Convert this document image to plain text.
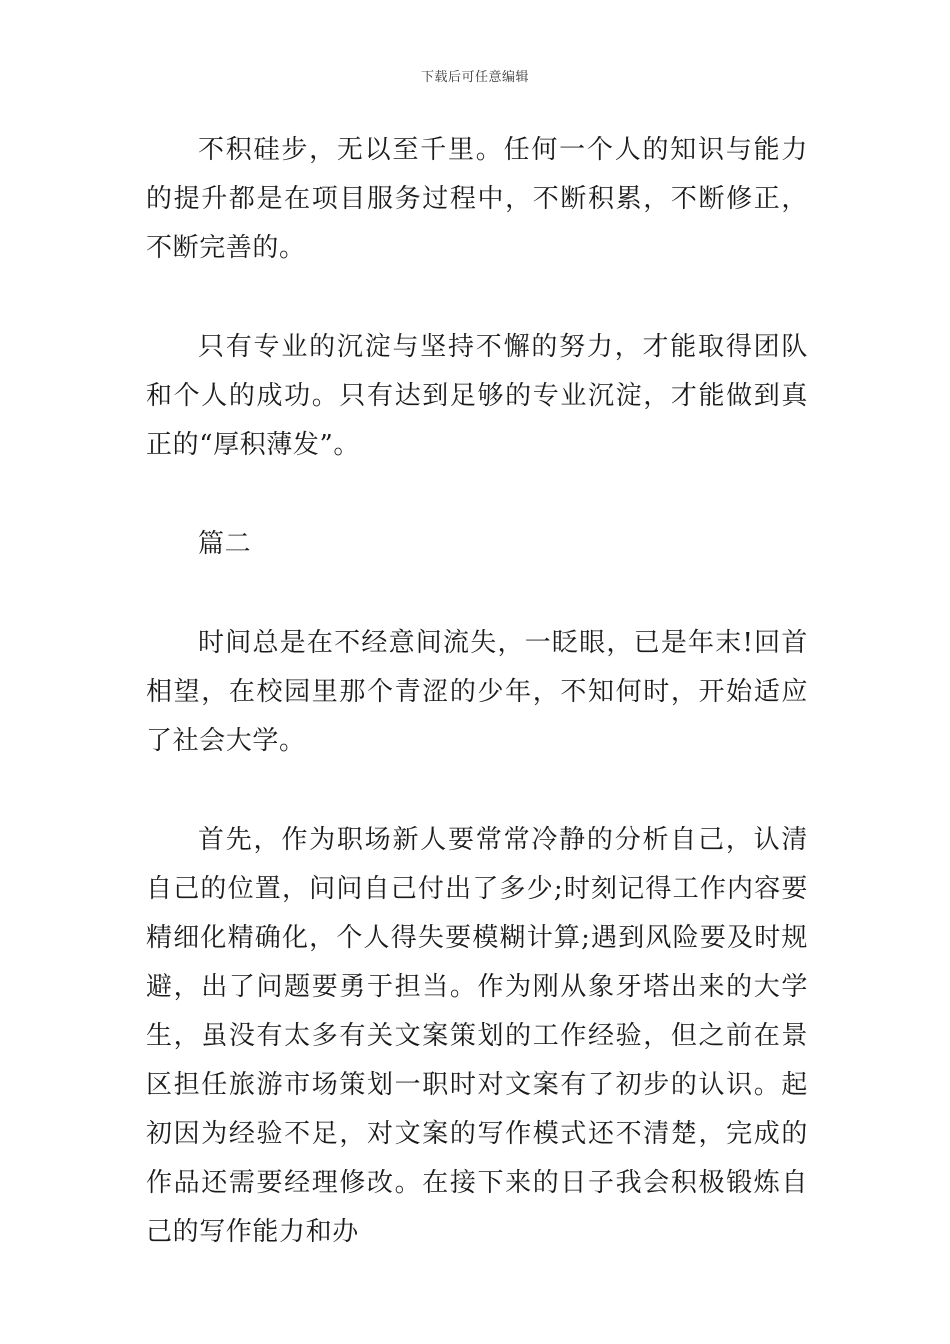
下载后可任意编辑

不积硅步，无以至千里。任何一个人的知识与能力的提升都是在项目服务过程中，不断积累，不断修正，不断完善的。

只有专业的沉淀与坚持不懈的努力，才能取得团队和个人的成功。只有达到足够的专业沉淀，才能做到真正的“厚积薄发”。

篇二

时间总是在不经意间流失，一眨眼，已是年末!回首相望，在校园里那个青涩的少年，不知何时，开始适应了社会大学。

首先，作为职场新人要常常冷静的分析自己，认清自己的位置，问问自己付出了多少;时刻记得工作内容要精细化精确化，个人得失要模糊计算;遇到风险要及时规避，出了问题要勇于担当。作为刚从象牙塔出来的大学生，虽没有太多有关文案策划的工作经验，但之前在景区担任旅游市场策划一职时对文案有了初步的认识。起初因为经验不足，对文案的写作模式还不清楚，完成的作品还需要经理修改。在接下来的日子我会积极锻炼自己的写作能力和办
